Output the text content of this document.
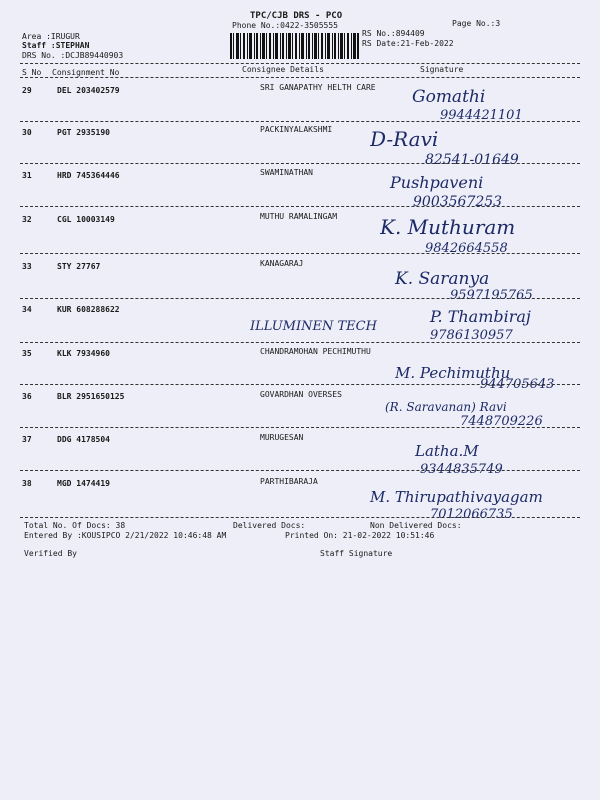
TPC/CJB DRS - PCO
Phone No.:0422-3505555	Page No.:3
RS No.:894409
RS Date:21-Feb-2022
Area :IRUGUR
Staff :STEPHAN
DRS No. :DCJB89440903
S No Consignment No	Consignee Details	Signature
29	DEL 203402579	SRI GANAPATHY HELTH CARE Gomathi
9944421101
30	PGT 2935190	PACKINYALAKSHMI D-Ravi
82541-01649
31	HRD 745364446	SWAMINATHAN
Pushpaveni
9003567253
32	CGL 10003149	MUTHU RAMALINGAM K. Muthuram
9842664558
33	STY 27767	KANAGARAJ
K. Saranya
9597195765
34	KUR 608288622
ILLUMINEN TECH
P. Thambiraj
9786130957
35	KLK 7934960	CHANDRAMOHAN PECHIMUTHU
M. Pechimuthu
944705643
36	BLR 2951650125	GOVARDHAN OVERSES
(R. Saravanan) Ravi
7448709226
37	DDG 4178504	MURUGESAN
Latha.M
9344835749
38	MGD 1474419	PARTHIBARAJA
M. Thirupathivayagam
7012066735
Total No. Of Docs: 38	Delivered Docs:	Non Delivered Docs:
Entered By :KOUSIPCO 2/21/2022 10:46:48 AM	Printed On: 21-02-2022 10:51:46
Verified By	Staff Signature
